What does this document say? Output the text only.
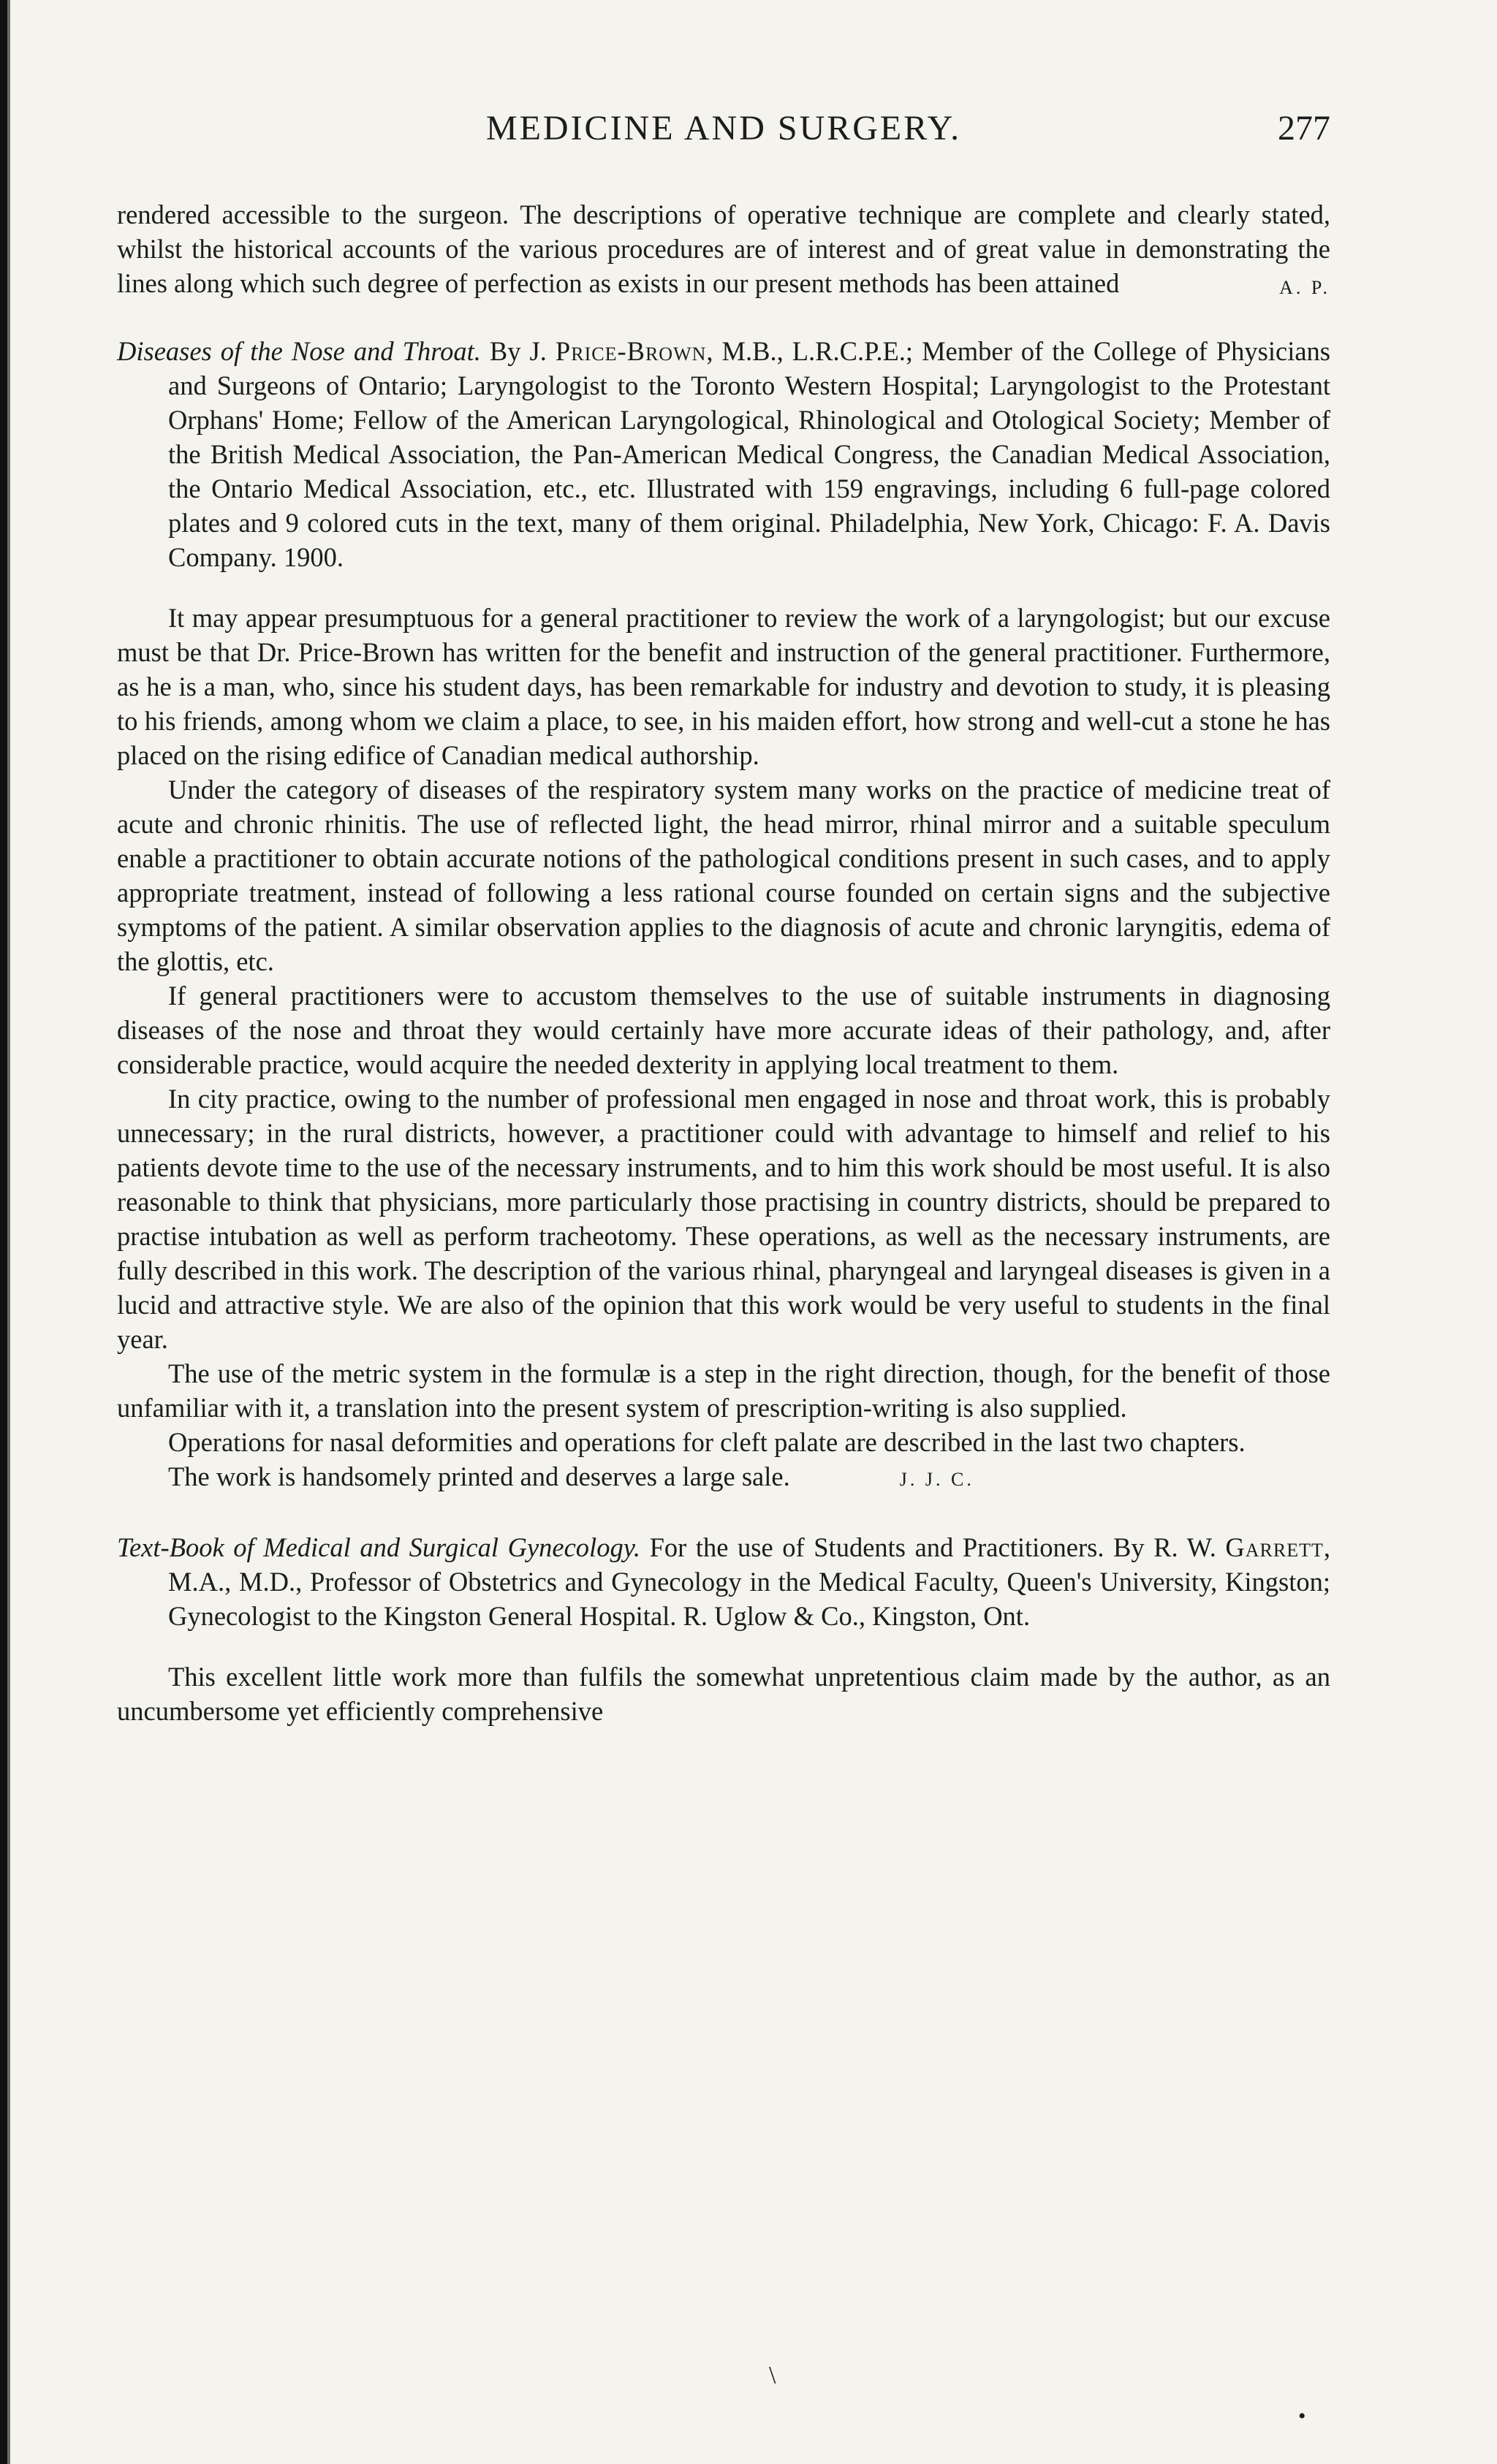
MEDICINE AND SURGERY.	277

rendered accessible to the surgeon. The descriptions of operative technique are complete and clearly stated, whilst the historical accounts of the various procedures are of interest and of great value in demonstrating the lines along which such degree of perfection as exists in our present methods has been attained	A. P.

Diseases of the Nose and Throat. By J. Price-Brown, M.B., L.R.C.P.E.; Member of the College of Physicians and Surgeons of Ontario; Laryngologist to the Toronto Western Hospital; Laryngologist to the Protestant Orphans' Home; Fellow of the American Laryngological, Rhinological and Otological Society; Member of the British Medical Association, the Pan-American Medical Congress, the Canadian Medical Association, the Ontario Medical Association, etc., etc. Illustrated with 159 engravings, including 6 full-page colored plates and 9 colored cuts in the text, many of them original. Philadelphia, New York, Chicago: F. A. Davis Company. 1900.

It may appear presumptuous for a general practitioner to review the work of a laryngologist; but our excuse must be that Dr. Price-Brown has written for the benefit and instruction of the general practitioner. Furthermore, as he is a man, who, since his student days, has been remarkable for industry and devotion to study, it is pleasing to his friends, among whom we claim a place, to see, in his maiden effort, how strong and well-cut a stone he has placed on the rising edifice of Canadian medical authorship.

Under the category of diseases of the respiratory system many works on the practice of medicine treat of acute and chronic rhinitis. The use of reflected light, the head mirror, rhinal mirror and a suitable speculum enable a practitioner to obtain accurate notions of the pathological conditions present in such cases, and to apply appropriate treatment, instead of following a less rational course founded on certain signs and the subjective symptoms of the patient. A similar observation applies to the diagnosis of acute and chronic laryngitis, edema of the glottis, etc.

If general practitioners were to accustom themselves to the use of suitable instruments in diagnosing diseases of the nose and throat they would certainly have more accurate ideas of their pathology, and, after considerable practice, would acquire the needed dexterity in applying local treatment to them.

In city practice, owing to the number of professional men engaged in nose and throat work, this is probably unnecessary; in the rural districts, however, a practitioner could with advantage to himself and relief to his patients devote time to the use of the necessary instruments, and to him this work should be most useful. It is also reasonable to think that physicians, more particularly those practising in country districts, should be prepared to practise intubation as well as perform tracheotomy. These operations, as well as the necessary instruments, are fully described in this work. The description of the various rhinal, pharyngeal and laryngeal diseases is given in a lucid and attractive style. We are also of the opinion that this work would be very useful to students in the final year.

The use of the metric system in the formulæ is a step in the right direction, though, for the benefit of those unfamiliar with it, a translation into the present system of prescription-writing is also supplied.

Operations for nasal deformities and operations for cleft palate are described in the last two chapters.

The work is handsomely printed and deserves a large sale.	J. J. C.

Text-Book of Medical and Surgical Gynecology. For the use of Students and Practitioners. By R. W. Garrett, M.A., M.D., Professor of Obstetrics and Gynecology in the Medical Faculty, Queen's University, Kingston; Gynecologist to the Kingston General Hospital. R. Uglow & Co., Kingston, Ont.

This excellent little work more than fulfils the somewhat unpretentious claim made by the author, as an uncumbersome yet efficiently comprehensive

\
•
